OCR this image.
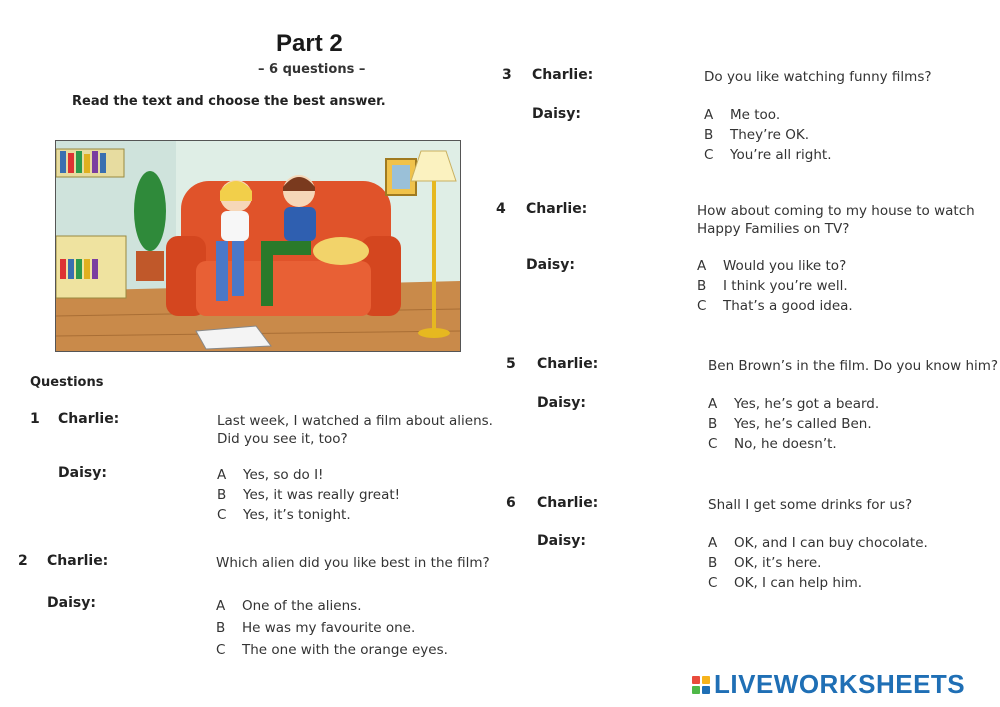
Part 2
– 6 questions –
Read the text and choose the best answer.
Questions
1 Charlie:	Last week, I watched a film about aliens.
Did you see it, too?
Daisy:	A Yes, so do I!
B Yes, it was really great!
C Yes, it’s tonight.
2 Charlie:	Which alien did you like best in the film?
Daisy:	A One of the aliens.
B He was my favourite one.
C The one with the orange eyes.
3 Charlie:	Do you like watching funny films?
Daisy:	A Me too.
B They’re OK.
C You’re all right.
4 Charlie:	How about coming to my house to watch
Happy Families on TV?
Daisy:	A Would you like to?
B I think you’re well.
C That’s a good idea.
5 Charlie:	Ben Brown’s in the film. Do you know him?
Daisy:	A Yes, he’s got a beard.
B Yes, he’s called Ben.
C No, he doesn’t.
6 Charlie:	Shall I get some drinks for us?
Daisy:	A OK, and I can buy chocolate.
B OK, it’s here.
C OK, I can help him.
LIVEWORKSHEETS
